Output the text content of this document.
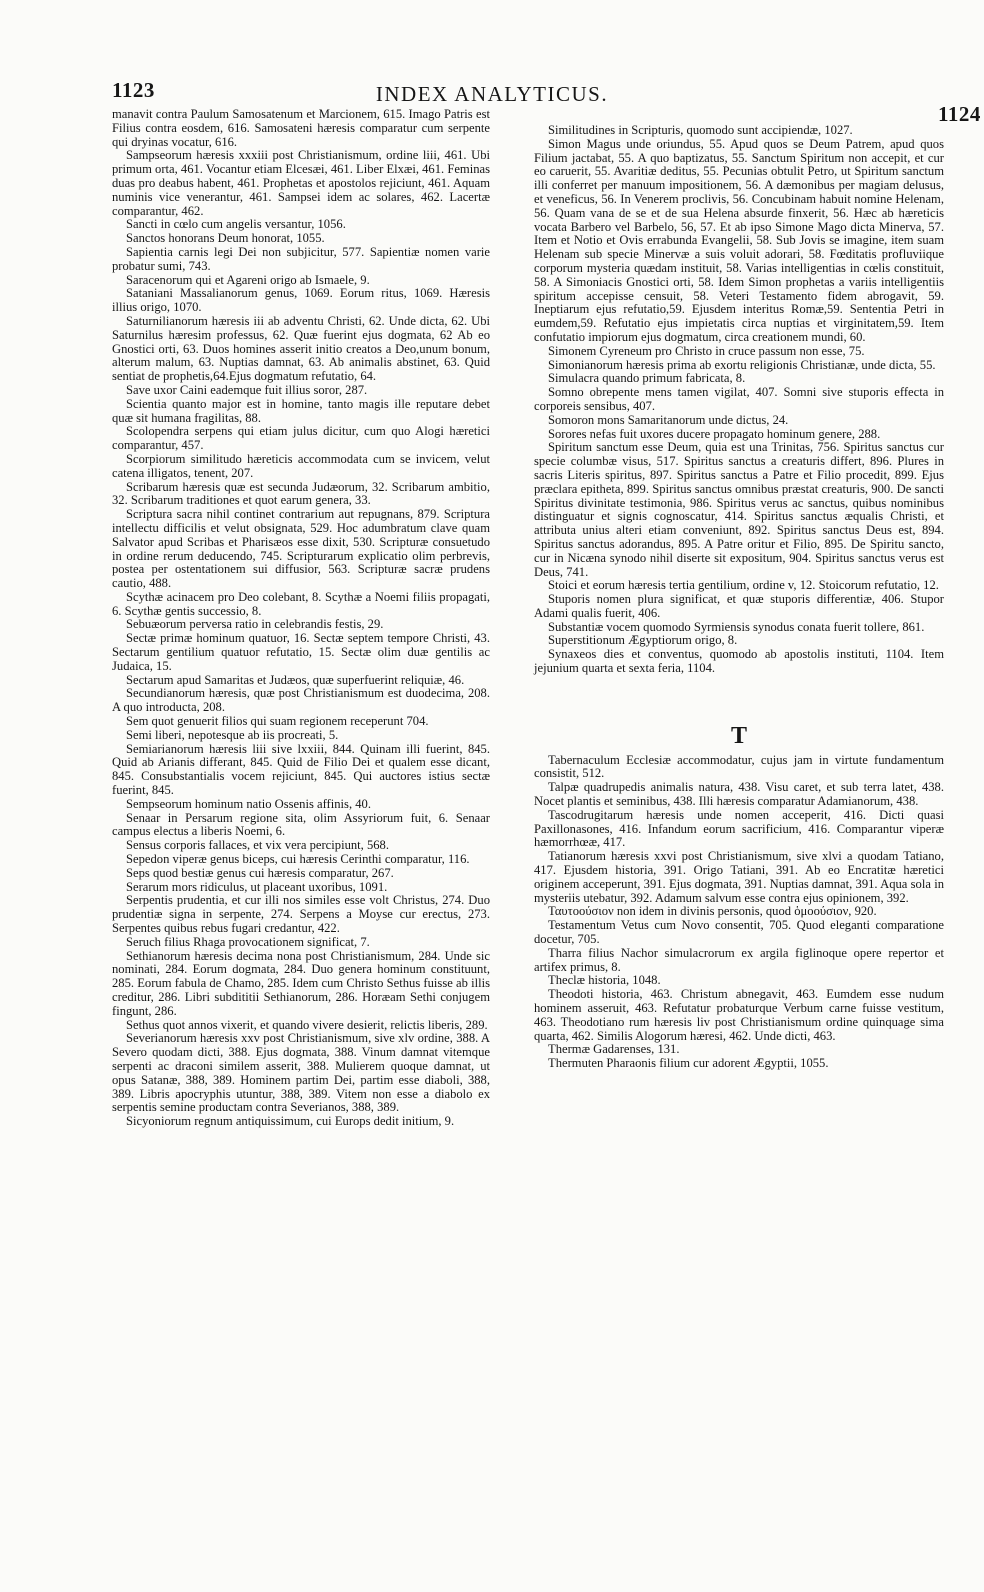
1123	INDEX ANALYTICUS.
1124

manavit contra Paulum Samosatenum et Marcionem, 615. Imago Patris est Filius contra eosdem, 616. Samosateni hæresis comparatur cum serpente qui dryinas vocatur, 616.

Sampseorum hæresis xxxiii post Christianismum, ordine liii, 461. Ubi primum orta, 461. Vocantur etiam Elcesæi, 461. Liber Elxæi, 461. Feminas duas pro deabus habent, 461. Prophetas et apostolos rejiciunt, 461. Aquam numinis vice venerantur, 461. Sampsei idem ac solares, 462. Lacertæ comparantur, 462.

Sancti in cœlo cum angelis versantur, 1056.

Sanctos honorans Deum honorat, 1055.

Sapientia carnis legi Dei non subjicitur, 577. Sapientiæ nomen varie probatur sumi, 743.

Saracenorum qui et Agareni origo ab Ismaele, 9.

Sataniani Massalianorum genus, 1069. Eorum ritus, 1069. Hæresis illius origo, 1070.

Saturnilianorum hæresis iii ab adventu Christi, 62. Unde dicta, 62. Ubi Saturnilus hæresim professus, 62. Quæ fuerint ejus dogmata, 62 Ab eo Gnostici orti, 63. Duos homines asserit initio creatos a Deo,unum bonum, alterum malum, 63. Nuptias damnat, 63. Ab animalis abstinet, 63. Quid sentiat de prophetis,64.Ejus dogmatum refutatio, 64.

Save uxor Caini eademque fuit illius soror, 287.

Scientia quanto major est in homine, tanto magis ille reputare debet quæ sit humana fragilitas, 88.

Scolopendra serpens qui etiam julus dicitur, cum quo Alogi hæretici comparantur, 457.

Scorpiorum similitudo hæreticis accommodata cum se invicem, velut catena illigatos, tenent, 207.

Scribarum hæresis quæ est secunda Judæorum, 32. Scribarum ambitio, 32. Scribarum traditiones et quot earum genera, 33.

Scriptura sacra nihil continet contrarium aut repugnans, 879. Scriptura intellectu difficilis et velut obsignata, 529. Hoc adumbratum clave quam Salvator apud Scribas et Pharisæos esse dixit, 530. Scripturæ consuetudo in ordine rerum deducendo, 745. Scripturarum explicatio olim perbrevis, postea per ostentationem sui diffusior, 563. Scripturæ sacræ prudens cautio, 488.

Scythæ acinacem pro Deo colebant, 8. Scythæ a Noemi filiis propagati, 6. Scythæ gentis successio, 8.

Sebuæorum perversa ratio in celebrandis festis, 29.

Sectæ primæ hominum quatuor, 16. Sectæ septem tempore Christi, 43. Sectarum gentilium quatuor refutatio, 15. Sectæ olim duæ gentilis ac Judaica, 15.

Sectarum apud Samaritas et Judæos, quæ superfuerint reliquiæ, 46.

Secundianorum hæresis, quæ post Christianismum est duodecima, 208. A quo introducta, 208.

Sem quot genuerit filios qui suam regionem receperunt 704.

Semi liberi, nepotesque ab iis procreati, 5.

Semiarianorum hæresis liii sive lxxiii, 844. Quinam illi fuerint, 845. Quid ab Arianis differant, 845. Quid de Filio Dei et qualem esse dicant, 845. Consubstantialis vocem rejiciunt, 845. Qui auctores istius sectæ fuerint, 845.

Sempseorum hominum natio Ossenis affinis, 40.

Senaar in Persarum regione sita, olim Assyriorum fuit, 6. Senaar campus electus a liberis Noemi, 6.

Sensus corporis fallaces, et vix vera percipiunt, 568.

Sepedon viperæ genus biceps, cui hæresis Cerinthi comparatur, 116.

Seps quod bestiæ genus cui hæresis comparatur, 267.

Serarum mors ridiculus, ut placeant uxoribus, 1091.

Serpentis prudentia, et cur illi nos similes esse volt Christus, 274. Duo prudentiæ signa in serpente, 274. Serpens a Moyse cur erectus, 273. Serpentes quibus rebus fugari credantur, 422.

Seruch filius Rhaga provocationem significat, 7.

Sethianorum hæresis decima nona post Christianismum, 284. Unde sic nominati, 284. Eorum dogmata, 284. Duo genera hominum constituunt, 285. Eorum fabula de Chamo, 285. Idem cum Christo Sethus fuisse ab illis creditur, 286. Libri subdititii Sethianorum, 286. Horæam Sethi conjugem fingunt, 286.

Sethus quot annos vixerit, et quando vivere desierit, relictis liberis, 289.

Severianorum hæresis xxv post Christianismum, sive xlv ordine, 388. A Severo quodam dicti, 388. Ejus dogmata, 388. Vinum damnat vitemque serpenti ac draconi similem asserit, 388. Mulierem quoque damnat, ut opus Satanæ, 388, 389. Hominem partim Dei, partim esse diaboli, 388, 389. Libris apocryphis utuntur, 388, 389. Vitem non esse a diabolo ex serpentis semine productam contra Severianos, 388, 389.

Sicyoniorum regnum antiquissimum, cui Europs dedit initium, 9.

Similitudines in Scripturis, quomodo sunt accipiendæ, 1027.

Simon Magus unde oriundus, 55. Apud quos se Deum Patrem, apud quos Filium jactabat, 55. A quo baptizatus, 55. Sanctum Spiritum non accepit, et cur eo caruerit, 55. Avaritiæ deditus, 55. Pecunias obtulit Petro, ut Spiritum sanctum illi conferret per manuum impositionem, 56. A dæmonibus per magiam delusus, et veneficus, 56. In Venerem proclivis, 56. Concubinam habuit nomine Helenam, 56. Quam vana de se et de sua Helena absurde finxerit, 56. Hæc ab hæreticis vocata Barbero vel Barbelo, 56, 57. Et ab ipso Simone Mago dicta Minerva, 57. Item et Notio et Ovis errabunda Evangelii, 58. Sub Jovis se imagine, item suam Helenam sub specie Minervæ a suis voluit adorari, 58. Fœditatis profluviique corporum mysteria quædam instituit, 58. Varias intelligentias in cœlis constituit, 58. A Simoniacis Gnostici orti, 58. Idem Simon prophetas a variis intelligentiis spiritum accepisse censuit, 58. Veteri Testamento fidem abrogavit, 59. Ineptiarum ejus refutatio,59. Ejusdem interitus Romæ,59. Sententia Petri in eumdem,59. Refutatio ejus impietatis circa nuptias et virginitatem,59. Item confutatio impiorum ejus dogmatum, circa creationem mundi, 60.

Simonem Cyreneum pro Christo in cruce passum non esse, 75.

Simonianorum hæresis prima ab exortu religionis Christianæ, unde dicta, 55.

Simulacra quando primum fabricata, 8.

Somno obrepente mens tamen vigilat, 407. Somni sive stuporis effecta in corporeis sensibus, 407.

Somoron mons Samaritanorum unde dictus, 24.

Sorores nefas fuit uxores ducere propagato hominum genere, 288.

Spiritum sanctum esse Deum, quia est una Trinitas, 756. Spiritus sanctus cur specie columbæ visus, 517. Spiritus sanctus a creaturis differt, 896. Plures in sacris Literis spiritus, 897. Spiritus sanctus a Patre et Filio procedit, 899. Ejus præclara epitheta, 899. Spiritus sanctus omnibus præstat creaturis, 900. De sancti Spiritus divinitate testimonia, 986. Spiritus verus ac sanctus, quibus nominibus distinguatur et signis cognoscatur, 414. Spiritus sanctus æqualis Christi, et attributa unius alteri etiam conveniunt, 892. Spiritus sanctus Deus est, 894. Spiritus sanctus adorandus, 895. A Patre oritur et Filio, 895. De Spiritu sancto, cur in Nicæna synodo nihil diserte sit expositum, 904. Spiritus sanctus verus est Deus, 741.

Stoici et eorum hæresis tertia gentilium, ordine v, 12. Stoicorum refutatio, 12.

Stuporis nomen plura significat, et quæ stuporis differentiæ, 406. Stupor Adami qualis fuerit, 406.

Substantiæ vocem quomodo Syrmiensis synodus conata fuerit tollere, 861.

Superstitionum Ægyptiorum origo, 8.

Synaxeos dies et conventus, quomodo ab apostolis instituti, 1104. Item jejunium quarta et sexta feria, 1104.

T

Tabernaculum Ecclesiæ accommodatur, cujus jam in virtute fundamentum consistit, 512.

Talpæ quadrupedis animalis natura, 438. Visu caret, et sub terra latet, 438. Nocet plantis et seminibus, 438. Illi hæresis comparatur Adamianorum, 438.

Tascodrugitarum hæresis unde nomen acceperit, 416. Dicti quasi Paxillonasones, 416. Infandum eorum sacrificium, 416. Comparantur viperæ hæmorrhœæ, 417.

Tatianorum hæresis xxvi post Christianismum, sive xlvi a quodam Tatiano, 417. Ejusdem historia, 391. Origo Tatiani, 391. Ab eo Encratitæ hæretici originem acceperunt, 391. Ejus dogmata, 391. Nuptias damnat, 391. Aqua sola in mysteriis utebatur, 392. Adamum salvum esse contra ejus opinionem, 392.

Ταυτοούσιον non idem in divinis personis, quod ὁμοούσιον, 920.

Testamentum Vetus cum Novo consentit, 705. Quod eleganti comparatione docetur, 705.

Tharra filius Nachor simulacrorum ex argila figlinoque opere repertor et artifex primus, 8.

Theclæ historia, 1048.

Theodoti historia, 463. Christum abnegavit, 463. Eumdem esse nudum hominem asseruit, 463. Refutatur probaturque Verbum carne fuisse vestitum, 463. Theodotiano rum hæresis liv post Christianismum ordine quinquage sima quarta, 462. Similis Alogorum hæresi, 462. Unde dicti, 463.

Thermæ Gadarenses, 131.

Thermuten Pharaonis filium cur adorent Ægyptii, 1055.
